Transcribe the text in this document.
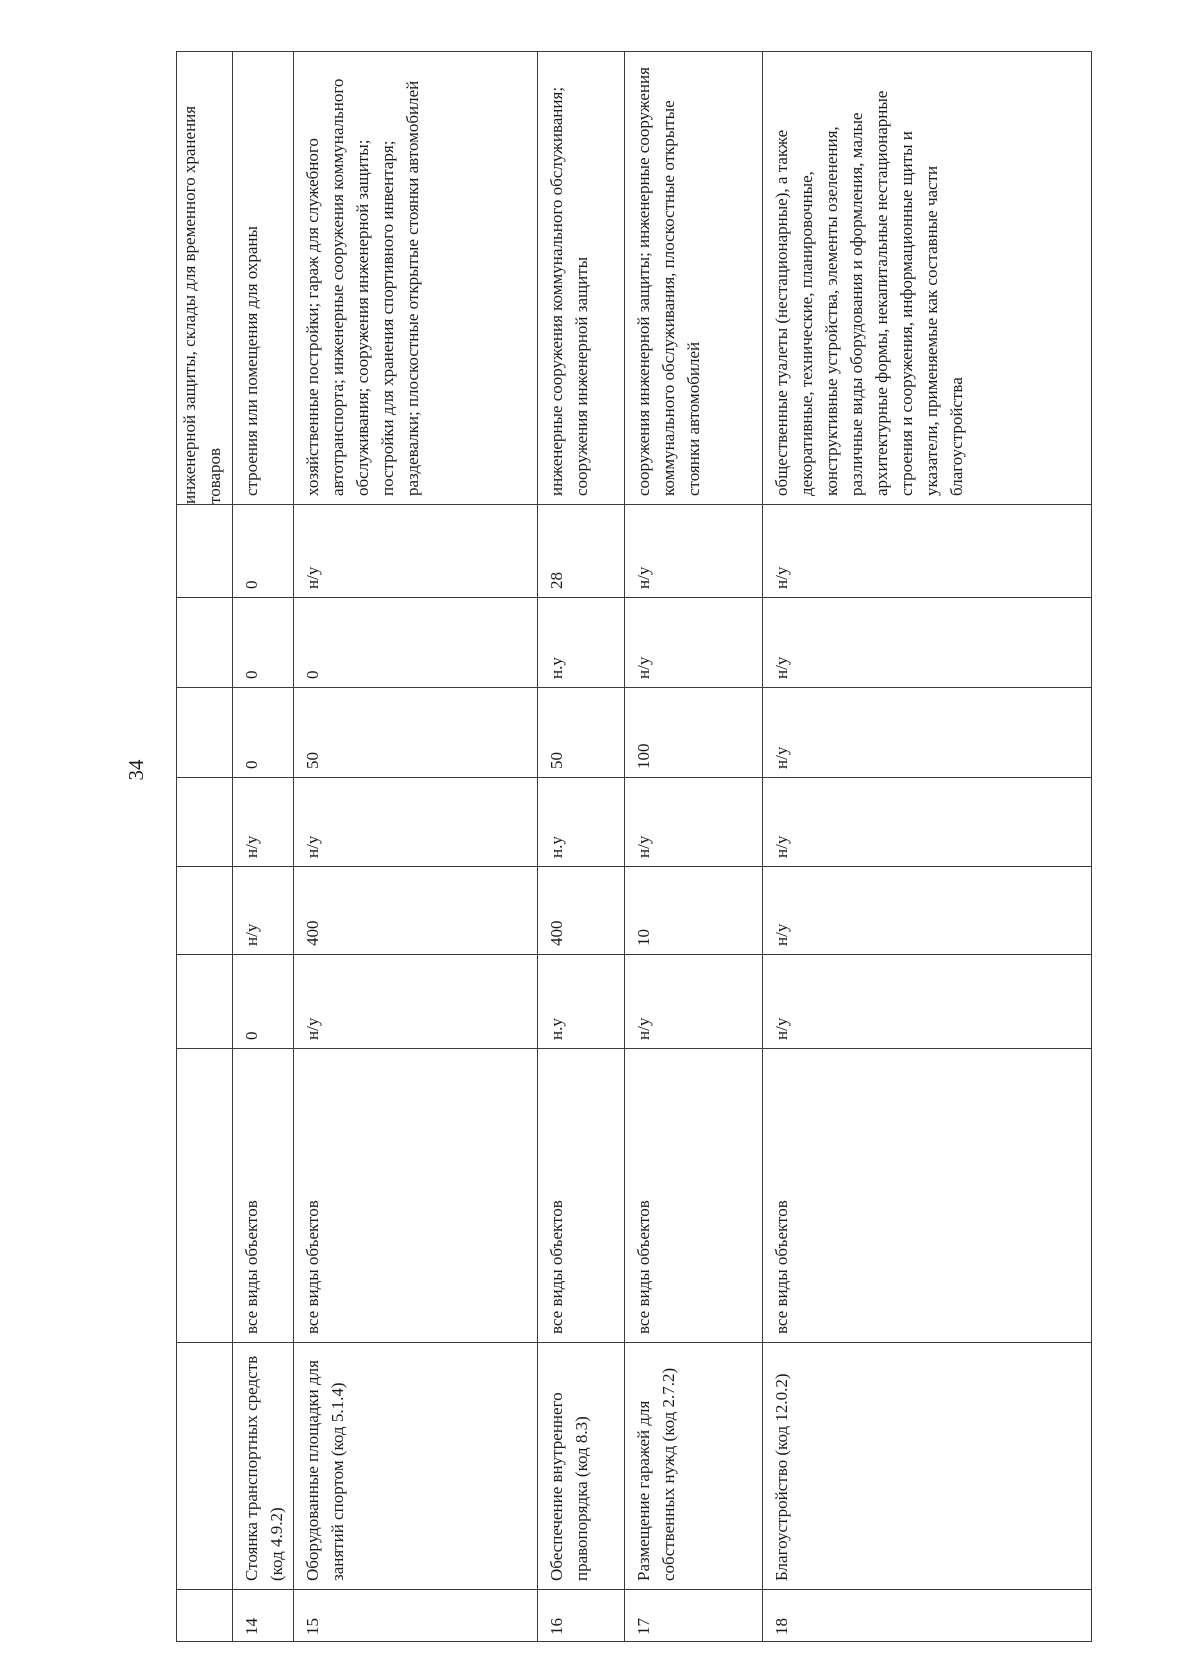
34
									инженерной защиты, склады для временного хранения товаров
14	Стоянка транспортных средств (код 4.9.2)	все виды объектов	0	н/у	н/у	0	0	0	строения или помещения для охраны
15	Оборудованные площадки для занятий спортом (код 5.1.4)	все виды объектов	н/у	400	н/у	50	0	н/у	хозяйственные постройки; гараж для служебного автотранспорта; инженерные сооружения коммунального обслуживания; сооружения инженерной защиты; постройки для хранения спортивного инвентаря; раздевалки; плоскостные открытые стоянки автомобилей
16	Обеспечение внутреннего правопорядка (код 8.3)	все виды объектов	н.у	400	н.у	50	н.у	28	инженерные сооружения коммунального обслуживания; сооружения инженерной защиты
17	Размещение гаражей для собственных нужд (код 2.7.2)	все виды объектов	н/у	10	н/у	100	н/у	н/у	сооружения инженерной защиты; инженерные сооружения коммунального обслуживания, плоскостные открытые стоянки автомобилей
18	Благоустройство (код 12.0.2)	все виды объектов	н/у	н/у	н/у	н/у	н/у	н/у	общественные туалеты (нестационарные), а также декоративные, технические, планировочные, конструктивные устройства, элементы озеленения, различные виды оборудования и оформления, малые архитектурные формы, некапитальные нестационарные строения и сооружения, информационные щиты и указатели, применяемые как составные части благоустройства
